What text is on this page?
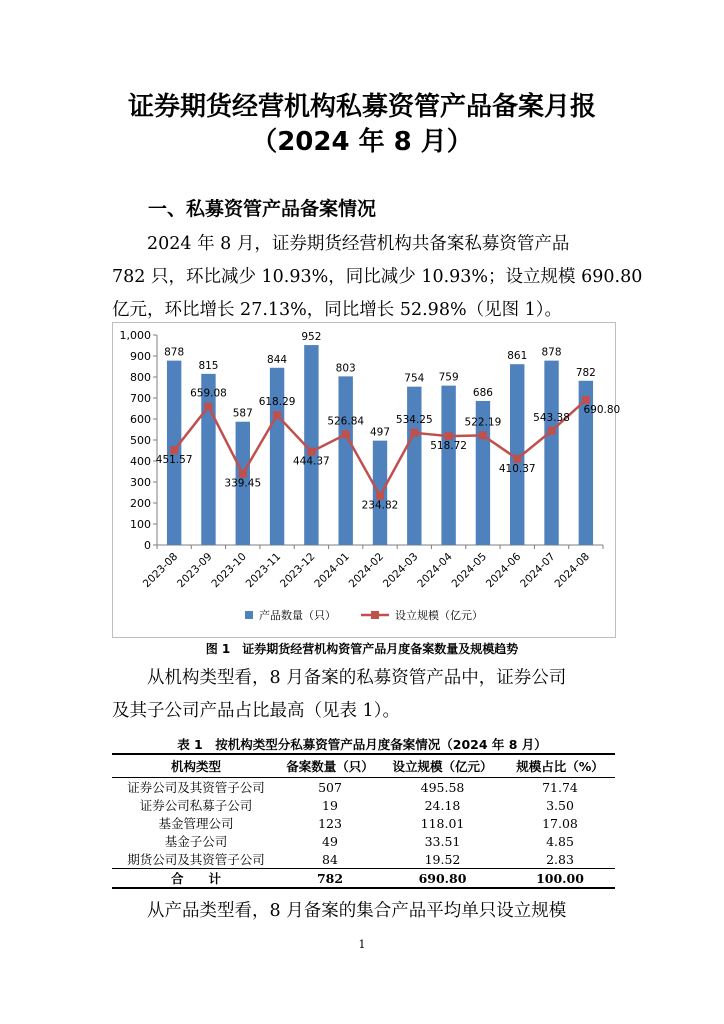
证券期货经营机构私募资管产品备案月报
（2024 年 8 月）
一、私募资管产品备案情况
2024 年 8 月，证券期货经营机构共备案私募资管产品
782 只，环比减少 10.93%，同比减少 10.93%；设立规模 690.80
亿元，环比增长 27.13%，同比增长 52.98%（见图 1）。
0
100
200
300
400
500
600
700
800
900
1,000
878
815
587
844
952
803
497
754 759
686
861 878
782
2023-08
2023-09
2023-10
2023-11
2023-12
2024-01
2024-02
2024-03
2024-04
2024-05
2024-06
2024-07
2024-08
451.57
659.08
339.45
618.29
444.37
526.84
234.82
534.25
518.72
522.19
410.37
543.38
690.80
产品数量（只）	设立规模（亿元）
图 1　证券期货经营机构资管产品月度备案数量及规模趋势
从机构类型看，8 月备案的私募资管产品中，证券公司
及其子公司产品占比最高（见表 1）。
表 1　按机构类型分私募资管产品月度备案情况（2024 年 8 月）
机构类型	备案数量（只）	设立规模（亿元）	规模占比（%）
证券公司及其资管子公司	507	495.58	71.74
证券公司私募子公司	19	24.18	3.50
基金管理公司	123	118.01	17.08
基金子公司	49	33.51	4.85
期货公司及其资管子公司	84	19.52	2.83
合　　计	782	690.80	100.00
从产品类型看，8 月备案的集合产品平均单只设立规模
1
